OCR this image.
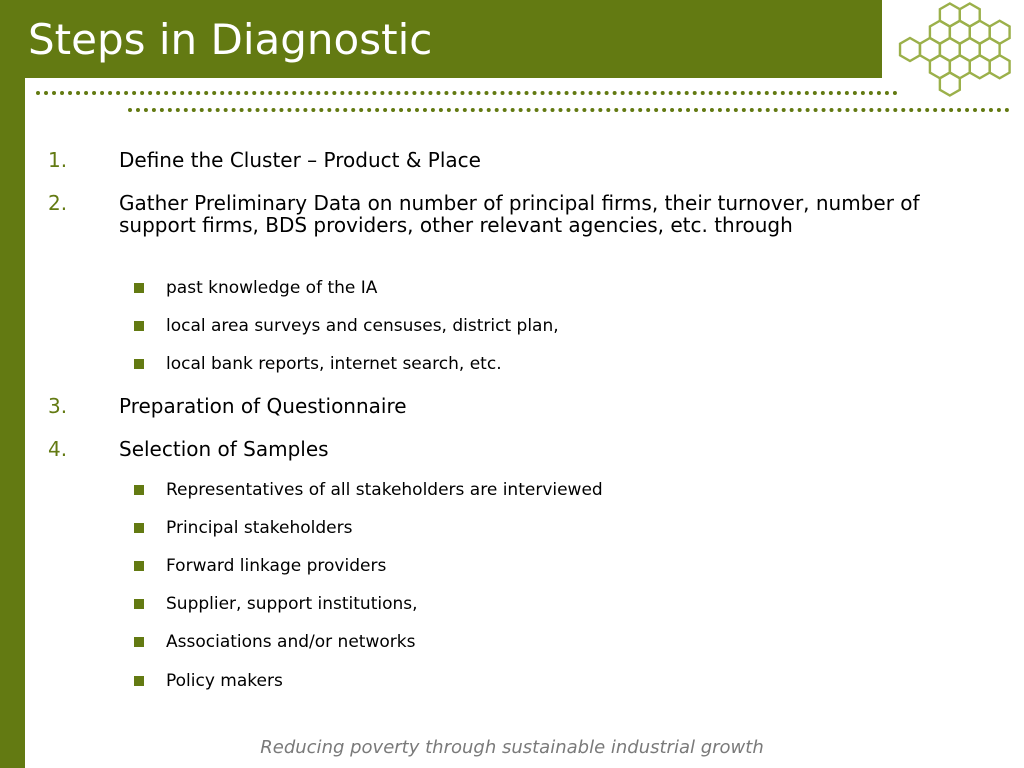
Steps in Diagnostic
1.	Define the Cluster – Product & Place
2.	Gather Preliminary Data on number of principal firms, their turnover, number of support firms, BDS providers, other relevant agencies, etc. through
past knowledge of the IA
local area surveys and censuses, district plan,
local bank reports, internet search, etc.
3.	Preparation of Questionnaire
4.	Selection of Samples
Representatives of all stakeholders are interviewed
Principal stakeholders
Forward linkage providers
Supplier, support institutions,
Associations and/or networks
Policy makers
Reducing poverty through sustainable industrial growth
